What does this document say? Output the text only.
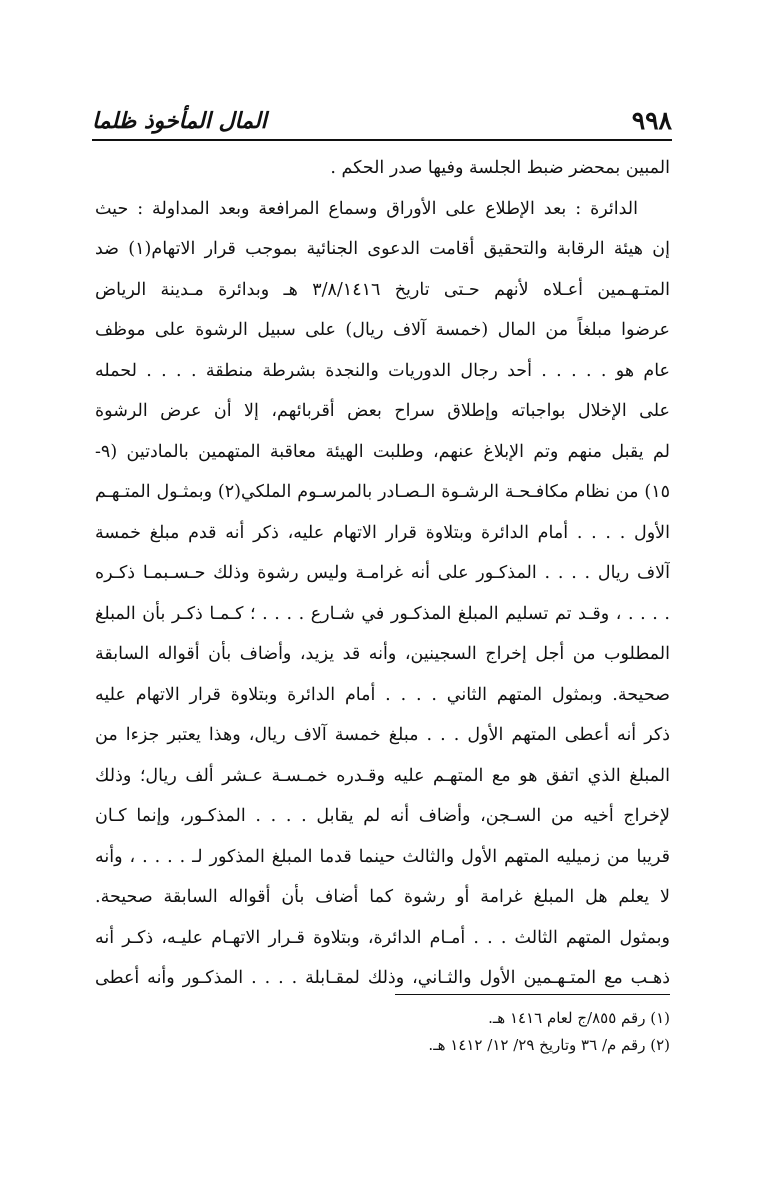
٩٩٨
المال المأخوذ ظلما
المبين بمحضر ضبط الجلسة وفيها صدر الحكم .
الدائرة : بعد الإطلاع على الأوراق وسماع المرافعة وبعد المداولة : حيث
إن هيئة الرقابة والتحقيق أقامت الدعوى الجنائية بموجب قرار الاتهام(١) ضد
المتـهـمين أعـلاه لأنهم حـتى تاريخ ٣/٨/١٤١٦ هـ وبدائرة مـدينة الرياض
عرضوا مبلغاً من المال (خمسة آلاف ريال) على سبيل الرشوة على موظف
عام هو . . . . . أحد رجال الدوريات والنجدة بشرطة منطقة . . . . لحمله
على الإخلال بواجباته وإطلاق سراح بعض أقربائهم، إلا أن عرض الرشوة
لم يقبل منهم وتم الإبلاغ عنهم، وطلبت الهيئة معاقبة المتهمين بالمادتين (٩-
١٥) من نظام مكافـحـة الرشـوة الـصـادر بالمرسـوم الملكي(٢) وبمثـول المتـهـم
الأول . . . . أمام الدائرة وبتلاوة قرار الاتهام عليه، ذكر أنه قدم مبلغ خمسة
آلاف ريال . . . . المذكـور على أنه غرامـة وليس رشوة وذلك حـسـبمـا ذكـره
. . . . ، وقـد تم تسليم المبلغ المذكـور في شـارع . . . . ؛ كـمـا ذكـر بأن المبلغ
المطلوب من أجل إخراج السجينين، وأنه قد يزيد، وأضاف بأن أقواله السابقة
صحيحة. وبمثول المتهم الثاني . . . . أمام الدائرة وبتلاوة قرار الاتهام عليه
ذكر أنه أعطى المتهم الأول . . . مبلغ خمسة آلاف ريال، وهذا يعتبر جزءا من
المبلغ الذي اتفق هو مع المتهـم عليه وقـدره خمـسـة عـشر ألف ريال؛ وذلك
لإخراج أخيه من السـجن، وأضاف أنه لم يقابل . . . . المذكـور، وإنما كـان
قريبا من زميليه المتهم الأول والثالث حينما قدما المبلغ المذكور لـ . . . . ، وأنه
لا يعلم هل المبلغ غرامة أو رشوة كما أضاف بأن أقواله السابقة صحيحة.
وبمثول المتهم الثالث . . . أمـام الدائرة، وبتلاوة قـرار الاتهـام عليـه، ذكـر أنه
ذهـب مع المتـهـمين الأول والثـاني، وذلك لمقـابلة . . . . المذكـور وأنه أعطى
(١) رقم ٨٥٥/ج لعام ١٤١٦ هـ.
(٢) رقم م/ ٣٦ وتاريخ ٢٩/ ١٢/ ١٤١٢ هـ.
